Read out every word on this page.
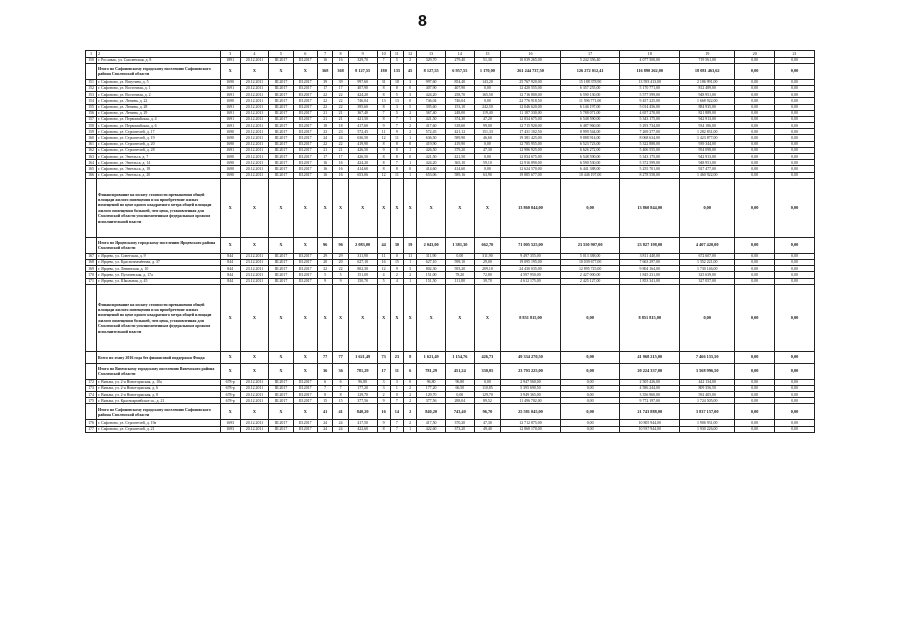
8
1	2	3	4	5	6	7	8	9	10	11	12	13	14	15	16	17	18	19	20	21
150	г. Рославль, ул. Смоленская, д. 8	1891	20.12.2011	III.2017	III.2017	16	16	329,70	7	5	2	329,70	279,40	51,30	10 039 265,00	5 242 356,40	4 077 500,00	719 561,00	0,00	0,00
	Итого по Сафоновскому городскому поселению Сафоновского района Смоленской области	X	X	X	X	368	368	8 127,55	180	135	45	8 127,55	6 957,55	1 170,00	261 244 737,50	126 272 012,41	116 890 262,00	18 081 463,62	0,00	0,00
151	г. Сафоново, ул. Ватутина, д. 5	1690	20.12.2011	III.2017	III.2017	39	39	997,60	31	18	3	997,60	854,40	143,20	25 767 920,00	15 188 378,90	13 593 413,00	2 186 991,00	0,00	0,00
152	г. Сафоново, ул. Восточная, д. 1	1691	20.12.2011	III.2017	III.2017	17	17	407,90	8	8	0	407,90	407,90	0,00	12 420 555,00	6 357 255,00	5 170 771,00	812 489,00	0,00	0,00
153	г. Сафоново, ул. Восточная, д. 2	1691	20.12.2011	III.2017	III.2017	22	22	424,20	8	5	3	424,20	258,70	165,50	12 716 800,00	6 590 130,00	5 577 599,00	948 951,00	0,00	0,00
154	г. Сафоново, ул. Ленина, д. 22	1690	20.12.2011	III.2017	III.2017	22	22	746,04	13	13	0	746,04	746,04	0,00	22 776 918,50	11 596 771,00	9 457 225,00	1 668 922,00	0,00	0,00
155	г. Сафоново, ул. Ленина, д. 28	1691	20.12.2011	III.2017	III.2017	22	22	395,60	8	3	5	395,60	153,10	242,50	12 046 620,00	6 146 197,00	5 014 456,00	884 935,00	0,00	0,00
156	г. Сафоново, ул. Ленина, д. 29	1691	20.12.2011	III.2017	III.2017	21	21	367,40	7	5	2	367,40	248,00	119,40	11 187 330,00	5 788 071,00	4 657 270,00	821 889,00	0,00	0,00
157	г. Сафоново, ул. Первомайская, д. 4	1691	20.12.2011	III.2017	III.2017	21	21	421,50	8	7	1	421,50	374,30	47,20	12 834 675,00	6 548 590,00	5 343 175,00	942 913,00	0,00	0,00
158	г. Сафоново, ул. Первомайская, д. 6	1691	20.12.2011	III.2017	III.2017	18	18	417,60	9	7	2	417,60	318,60	99,00	12 715 920,00	6 487 960,00	5 293 734,00	934 186,00	0,00	0,00
159	г. Сафоново, ул. Строителей, д. 17	1690	20.12.2011	III.2017	III.2017	23	23	572,45	11	9	2	572,45	421,12	151,33	17 431 102,50	8 999 544,00	7 269 377,00	1 282 831,00	0,00	0,00
160	г. Сафоново, ул. Строителей, д. 19	1690	20.12.2011	III.2017	III.2017	24	24	636,50	12	11	1	636,50	589,90	46,60	19 381 425,00	9 888 914,00	8 068 634,00	1 423 877,00	0,00	0,00
161	г. Сафоново, ул. Строителей, д. 20	1690	20.12.2011	III.2017	III.2017	22	22	419,90	8	8	0	419,90	419,90	0,00	12 785 955,00	6 523 723,00	5 322 888,00	939 344,00	0,00	0,00
162	г. Сафоново, ул. Строителей, д. 28	1691	20.12.2011	III.2017	III.2017	21	21	426,50	9	8	1	426,50	379,20	47,30	12 986 925,00	6 626 272,00	5 406 555,00	954 098,00	0,00	0,00
163	г. Сафоново, ул. Энгельса, д. 7	1690	20.12.2011	III.2017	III.2017	17	17	426,50	8	8	0	421,50	421,50	0,00	12 834 675,00	6 548 590,00	5 343 175,00	942 913,00	0,00	0,00
164	г. Сафоново, ул. Энгельса, д. 14	1690	20.12.2011	III.2017	III.2017	16	16	424,20	8	7	1	424,20	365,10	59,10	12 916 890,00	6 590 530,00	5 372 599,00	948 951,00	0,00	0,00
165	г. Сафоново, ул. Энгельса, д. 18	1690	20.12.2011	III.2017	III.2017	16	16	414,60	8	8	0	414,60	414,60	0,00	12 624 570,00	6 441 388,00	5 255 701,00	927 477,00	0,00	0,00
166	г. Сафоново, ул. Энгельса, д. 20	1690	20.12.2011	III.2017	III.2017	16	16	653,06	12	11	1	653,06	589,16	63,90	19 885 677,00	10 446 197,00	8 278 558,00	1 460 922,00	0,00	0,00
	Финансирование на оплату стоимости превышения общей площади жилого помещения и на приобретение жилых помещений по цене одного квадратного метра общей площади жилого помещения большей, чем цена, установленная для Смоленской области уполномоченным федеральным органом исполнительной власти	X	X	X	X	X	X	X	X	X	X	X	X	X	13 860 844,00	0,00	13 860 844,00	0,00	0,00	0,00
	Итого по Ярцевскому городскому поселению Ярцевского района Смоленской области	X	X	X	X	96	96	2 083,00	44	30	19	2 043,00	1 381,30	662,70	71 005 525,00	23 550 907,00	23 827 198,00	4 407 420,00	0,00	0,00
167	г. Ярцево, ул. Советская, д. 9	844	23.12.2011	III.2017	III.2017	29	29	311,90	11	0	11	311,90	0,00	311,90	9 497 355,00	5 013 388,00	3 811 440,00	672 607,00	0,00	0,00
168	г. Ярцево, ул. Краснознамённая, д. 37	844	23.12.2011	III.2017	III.2017	20	20	627,10	16	15	1	627,10	598,10	29,00	19 095 195,00	10 039 677,00	7 663 297,00	1 352 221,00	0,00	0,00
169	г. Ярцево, ул. Ленинская, д. 10	844	23.12.2011	III.2017	III.2017	22	22	802,30	12	9	3	802,30	593,20	209,10	24 430 035,00	12 895 725,00	9 804 164,00	1 730 146,00	0,00	0,00
170	г. Ярцево, ул. Пугачевская, д. 17а	844	23.12.2011	III.2017	III.2017	5	5	151,00	4	2	2	151,00	78,20	72,80	4 597 950,00	2 427 000,00	1 845 231,00	325 639,00	0,00	0,00
171	г. Ярцево, ул. Школьная, д. 45	844	23.12.2011	III.2017	III.2017	9	9	150,70	5	4	1	151,50	111,80	39,70	4 612 175,00	2 425 127,00	1 853 341,00	327 057,00	0,00	0,00
	Финансирование на оплату стоимости превышения общей площади жилого помещения и на приобретение жилых помещений по цене одного квадратного метра общей площади жилого помещения большей, чем цена, установленная для Смоленской области уполномоченным федеральным органом исполнительной власти	X	X	X	X	X	X	X	X	X	X	X	X	X	8 851 815,00	0,00	8 851 815,00	0,00	0,00	0,00
	Всего по этапу 2016 года без финансовой поддержки Фонда	X	X	X	X	77	77	1 621,49	73	23	8	1 621,49	1 154,76	426,73	49 334 270,50	0,00	41 968 215,00	7 466 155,50	0,00	0,00
	Итого по Вяземскому городскому поселению Вяземского района Смоленской области	X	X	X	X	36	36	781,29	17	11	6	781,29	451,24	330,05	23 793 225,00	0,00	20 224 337,00	3 568 996,50	0,00	0,00
172	г. Вязьма, ул. 2-я Новоторжская, д. 10а	678-р	20.12.2011	III.2017	III.2017	6	6	96,80	3	3	0	96,80	96,80	0,00	2 947 560,00	0,00	2 505 426,00	442 134,00	0,00	0,00
173	г. Вязьма, ул. 2-я Новоторжская, д. 6	678-р	20.12.2011	III.2017	III.2017	7	7	177,20	3	1	2	177,20	66,50	110,85	5 395 690,50	0,00	4 586 244,00	809 356,50	0,00	0,00
174	г. Вязьма, ул. 2-я Новоторжская, д. 8	678-р	20.12.2011	III.2017	III.2017	8	8	129,70	2	0	2	129,70	0,00	129,70	3 949 365,00	0,00	3 356 960,00	592 405,00	0,00	0,00
175	г. Вязьма, ул. Красноармейское ш., д. 21	678-р	20.12.2011	III.2017	III.2017	15	15	377,56	9	7	2	377,56	288,04	89,52	11 496 702,00	0,00	9 772 197,00	1 724 505,00	0,00	0,00
	Итого по Сафоновскому городскому поселению Сафоновского района Смоленской области	X	X	X	X	41	41	840,20	16	14	2	840,20	743,40	96,70	25 581 045,00	0,00	21 743 888,00	3 837 157,00	0,00	0,00
176	г. Сафоново, ул. Строителей, д. 19а	1693	20.12.2011	III.2017	III.2017	24	24	417,50	9	7	2	417,50	370,20	47,30	12 712 875,00	0,00	10 805 944,00	1 906 931,00	0,00	0,00
177	г. Сафоново, ул. Строителей, д. 21	1693	20.12.2011	III.2017	III.2017	24	24	422,60	8	7	1	422,60	373,20	49,40	12 868 170,00	0,00	10 937 944,00	1 930 226,00	0,00	0,00
